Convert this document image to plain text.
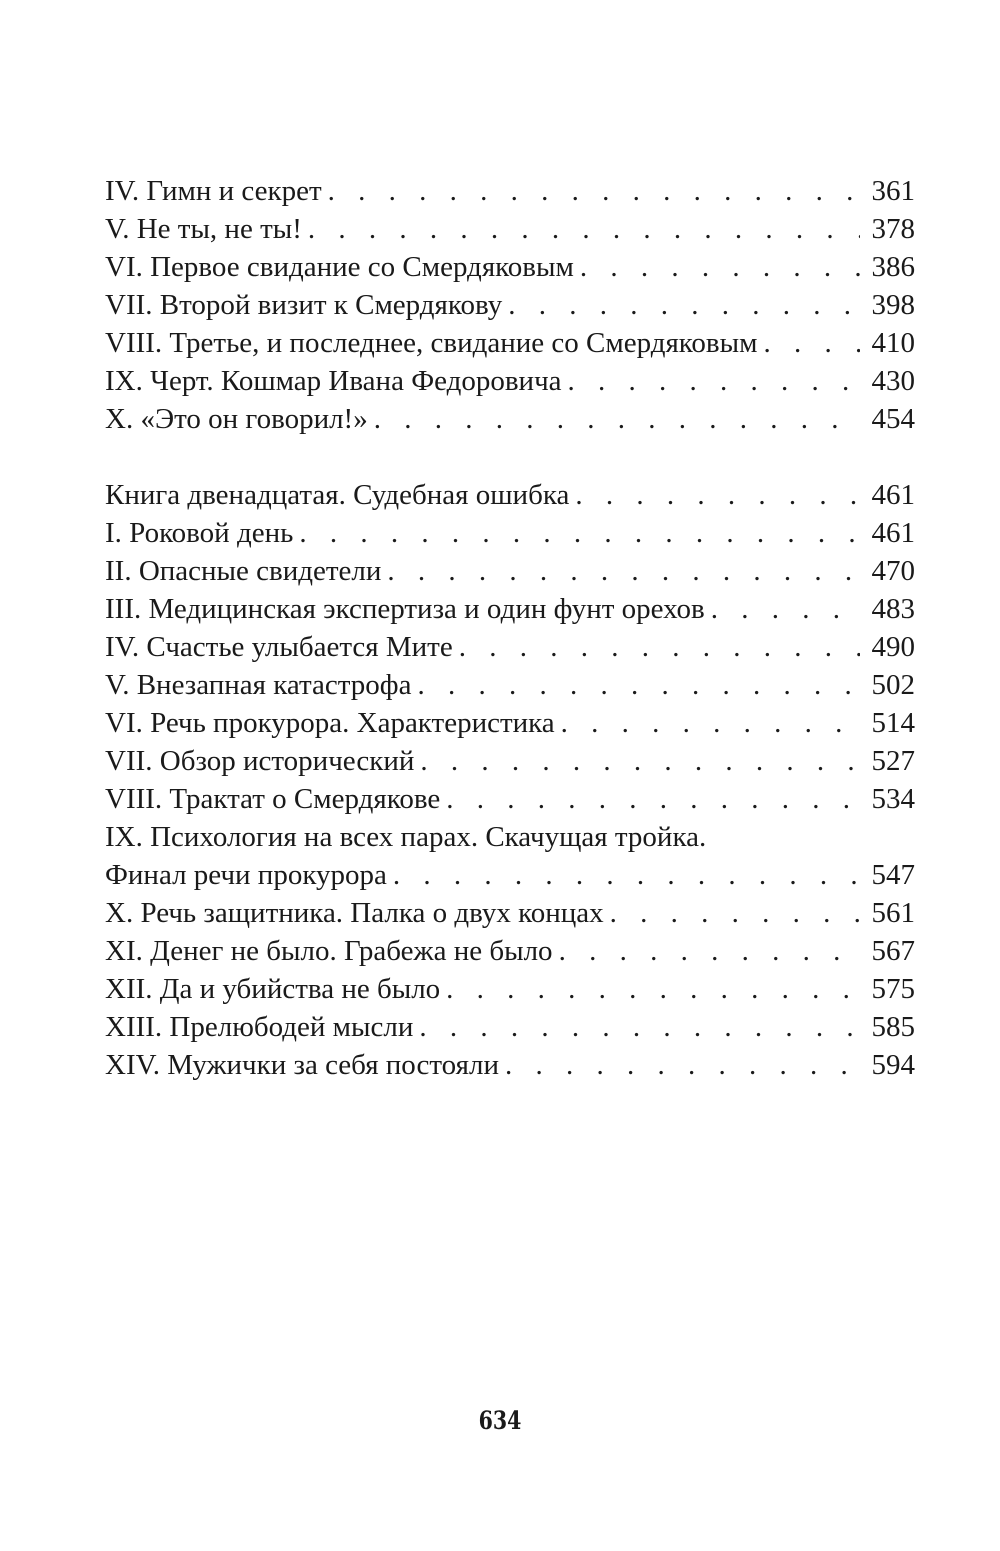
IV. Гимн и секрет . . .	361
V. Не ты, не ты! . . .	378
VI. Первое свидание со Смердяковым . . .	386
VII. Второй визит к Смердякову . . .	398
VIII. Третье, и последнее, свидание со Смердяковым . . .	410
IX. Черт. Кошмар Ивана Федоровича . . .	430
X. «Это он говорил!» . . .	454
Книга двенадцатая. Судебная ошибка . . .	461
I. Роковой день . . .	461
II. Опасные свидетели . . .	470
III. Медицинская экспертиза и один фунт орехов . . .	483
IV. Счастье улыбается Мите . . .	490
V. Внезапная катастрофа . . .	502
VI. Речь прокурора. Характеристика . . .	514
VII. Обзор исторический . . .	527
VIII. Трактат о Смердякове . . .	534
IX. Психология на всех парах. Скачущая тройка.
Финал речи прокурора . . .	547
X. Речь защитника. Палка о двух концах . . .	561
XI. Денег не было. Грабежа не было . . .	567
XII. Да и убийства не было . . .	575
XIII. Прелюбодей мысли . . .	585
XIV. Мужички за себя постояли . . .	594
634
